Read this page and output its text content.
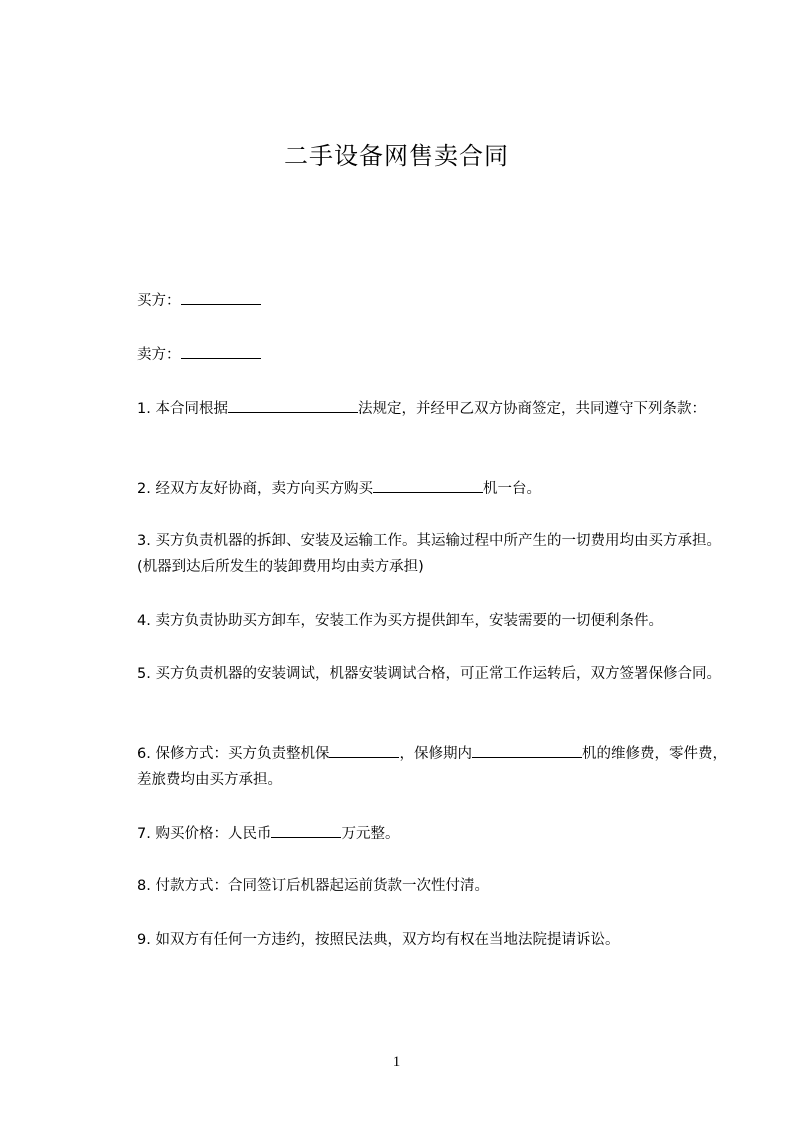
二手设备网售卖合同
买方：
卖方：
1. 本合同根据	法规定，并经甲乙双方协商签定，共同遵守下列条款：
2. 经双方友好协商，卖方向买方购买	机一台。
3. 买方负责机器的拆卸、安装及运输工作。其运输过程中所产生的一切费用均由买方承担。(机器到达后所发生的装卸费用均由卖方承担)
4. 卖方负责协助买方卸车，安装工作为买方提供卸车，安装需要的一切便利条件。
5. 买方负责机器的安装调试，机器安装调试合格，可正常工作运转后，双方签署保修合同。
6. 保修方式：买方负责整机保	，保修期内	机的维修费，零件费，差旅费均由买方承担。
7. 购买价格：人民币	万元整。
8. 付款方式：合同签订后机器起运前货款一次性付清。
9. 如双方有任何一方违约，按照民法典，双方均有权在当地法院提请诉讼。
1
